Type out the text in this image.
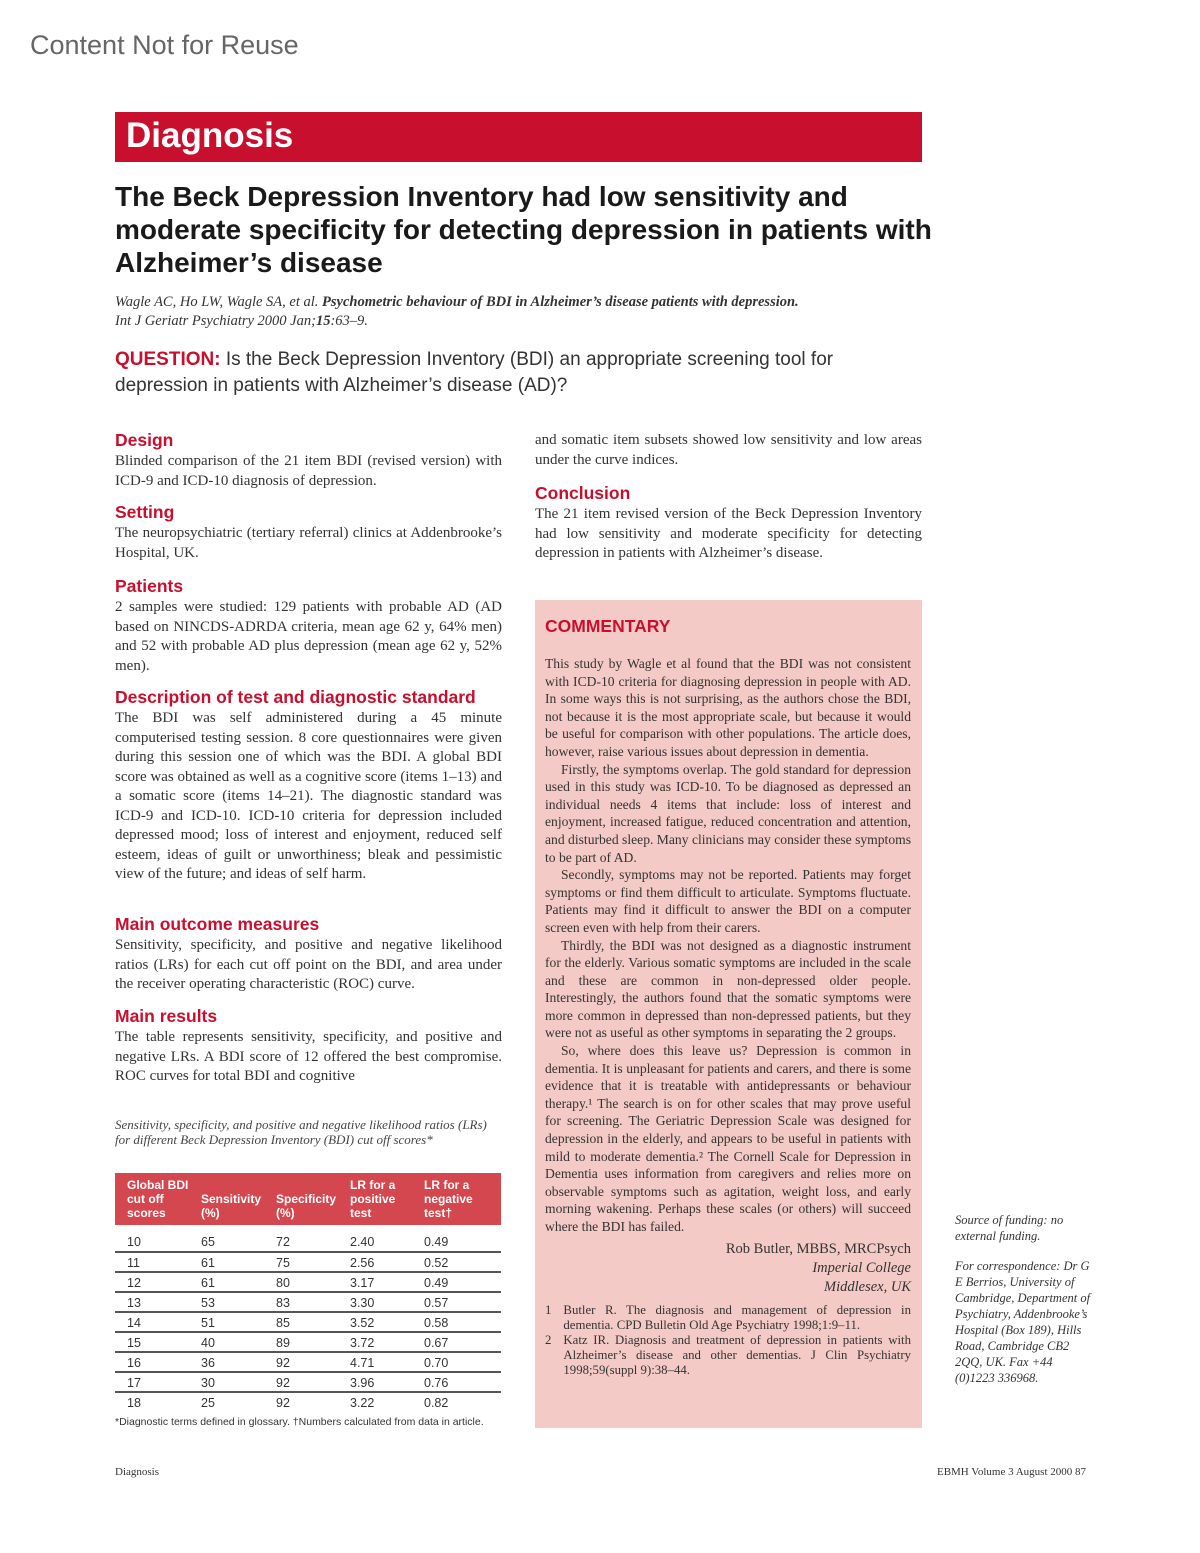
Content Not for Reuse
Diagnosis
The Beck Depression Inventory had low sensitivity and moderate specificity for detecting depression in patients with Alzheimer’s disease
Wagle AC, Ho LW, Wagle SA, et al. Psychometric behaviour of BDI in Alzheimer’s disease patients with depression.
Int J Geriatr Psychiatry 2000 Jan;15:63–9.
QUESTION: Is the Beck Depression Inventory (BDI) an appropriate screening tool for depression in patients with Alzheimer’s disease (AD)?
Design
Blinded comparison of the 21 item BDI (revised version) with ICD-9 and ICD-10 diagnosis of depression.
Setting
The neuropsychiatric (tertiary referral) clinics at Addenbrooke’s Hospital, UK.
Patients
2 samples were studied: 129 patients with probable AD (AD based on NINCDS-ADRDA criteria, mean age 62 y, 64% men) and 52 with probable AD plus depression (mean age 62 y, 52% men).
Description of test and diagnostic standard
The BDI was self administered during a 45 minute computerised testing session. 8 core questionnaires were given during this session one of which was the BDI. A global BDI score was obtained as well as a cognitive score (items 1–13) and a somatic score (items 14–21). The diagnostic standard was ICD-9 and ICD-10. ICD-10 criteria for depression included depressed mood; loss of interest and enjoyment, reduced self esteem, ideas of guilt or unworthiness; bleak and pessimistic view of the future; and ideas of self harm.
Main outcome measures
Sensitivity, specificity, and positive and negative likelihood ratios (LRs) for each cut off point on the BDI, and area under the receiver operating characteristic (ROC) curve.
Main results
The table represents sensitivity, specificity, and positive and negative LRs. A BDI score of 12 offered the best compromise. ROC curves for total BDI and cognitive
Sensitivity, specificity, and positive and negative likelihood ratios (LRs) for different Beck Depression Inventory (BDI) cut off scores*
Global BDI cut off scores	Sensitivity (%)	Specificity (%)	LR for a positive test	LR for a negative test†
10	65	72	2.40	0.49
11	61	75	2.56	0.52
12	61	80	3.17	0.49
13	53	83	3.30	0.57
14	51	85	3.52	0.58
15	40	89	3.72	0.67
16	36	92	4.71	0.70
17	30	92	3.96	0.76
18	25	92	3.22	0.82
*Diagnostic terms defined in glossary. †Numbers calculated from data in article.
and somatic item subsets showed low sensitivity and low areas under the curve indices.
Conclusion
The 21 item revised version of the Beck Depression Inventory had low sensitivity and moderate specificity for detecting depression in patients with Alzheimer’s disease.
COMMENTARY
This study by Wagle et al found that the BDI was not consistent with ICD-10 criteria for diagnosing depression in people with AD. In some ways this is not surprising, as the authors chose the BDI, not because it is the most appropriate scale, but because it would be useful for comparison with other populations. The article does, however, raise various issues about depression in dementia.
Firstly, the symptoms overlap. The gold standard for depression used in this study was ICD-10. To be diagnosed as depressed an individual needs 4 items that include: loss of interest and enjoyment, increased fatigue, reduced concentration and attention, and disturbed sleep. Many clinicians may consider these symptoms to be part of AD.
Secondly, symptoms may not be reported. Patients may forget symptoms or find them difficult to articulate. Symptoms fluctuate. Patients may find it difficult to answer the BDI on a computer screen even with help from their carers.
Thirdly, the BDI was not designed as a diagnostic instrument for the elderly. Various somatic symptoms are included in the scale and these are common in non-depressed older people. Interestingly, the authors found that the somatic symptoms were more common in depressed than non-depressed patients, but they were not as useful as other symptoms in separating the 2 groups.
So, where does this leave us? Depression is common in dementia. It is unpleasant for patients and carers, and there is some evidence that it is treatable with antidepressants or behaviour therapy.¹ The search is on for other scales that may prove useful for screening. The Geriatric Depression Scale was designed for depression in the elderly, and appears to be useful in patients with mild to moderate dementia.² The Cornell Scale for Depression in Dementia uses information from caregivers and relies more on observable symptoms such as agitation, weight loss, and early morning wakening. Perhaps these scales (or others) will succeed where the BDI has failed.
Rob Butler, MBBS, MRCPsych
Imperial College
Middlesex, UK
1 Butler R. The diagnosis and management of depression in dementia. CPD Bulletin Old Age Psychiatry 1998;1:9–11.
2 Katz IR. Diagnosis and treatment of depression in patients with Alzheimer’s disease and other dementias. J Clin Psychiatry 1998;59(suppl 9):38–44.
Source of funding: no external funding.
For correspondence: Dr G E Berrios, University of Cambridge, Department of Psychiatry, Addenbrooke’s Hospital (Box 189), Hills Road, Cambridge CB2 2QQ, UK. Fax +44 (0)1223 336968.
Diagnosis	EBMH Volume 3 August 2000 87
